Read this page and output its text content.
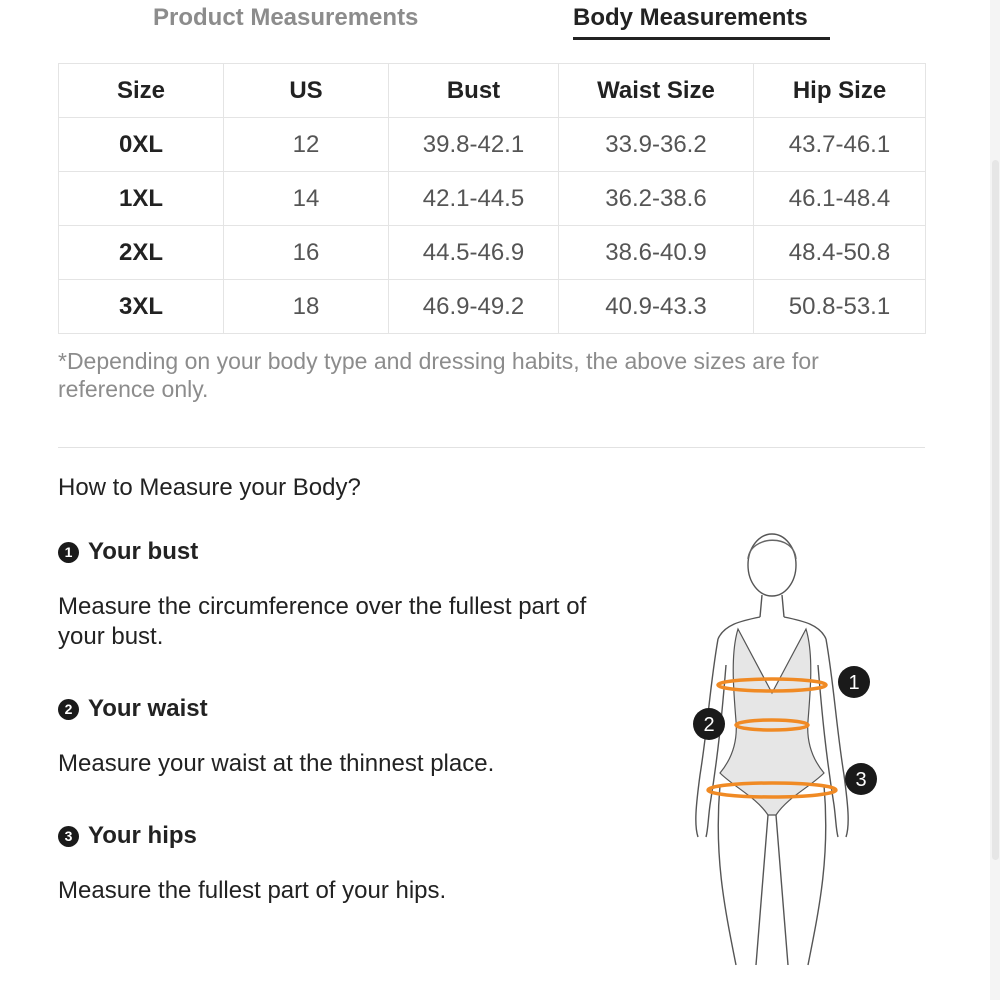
Product Measurements	Body Measurements
Size	US	Bust	Waist Size	Hip Size
0XL	12	39.8-42.1	33.9-36.2	43.7-46.1
1XL	14	42.1-44.5	36.2-38.6	46.1-48.4
2XL	16	44.5-46.9	38.6-40.9	48.4-50.8
3XL	18	46.9-49.2	40.9-43.3	50.8-53.1
*Depending on your body type and dressing habits, the above sizes are for reference only.
How to Measure your Body?
1 Your bust
Measure the circumference over the fullest part of your bust.
2 Your waist
Measure your waist at the thinnest place.
3 Your hips
Measure the fullest part of your hips.
1
2
3
